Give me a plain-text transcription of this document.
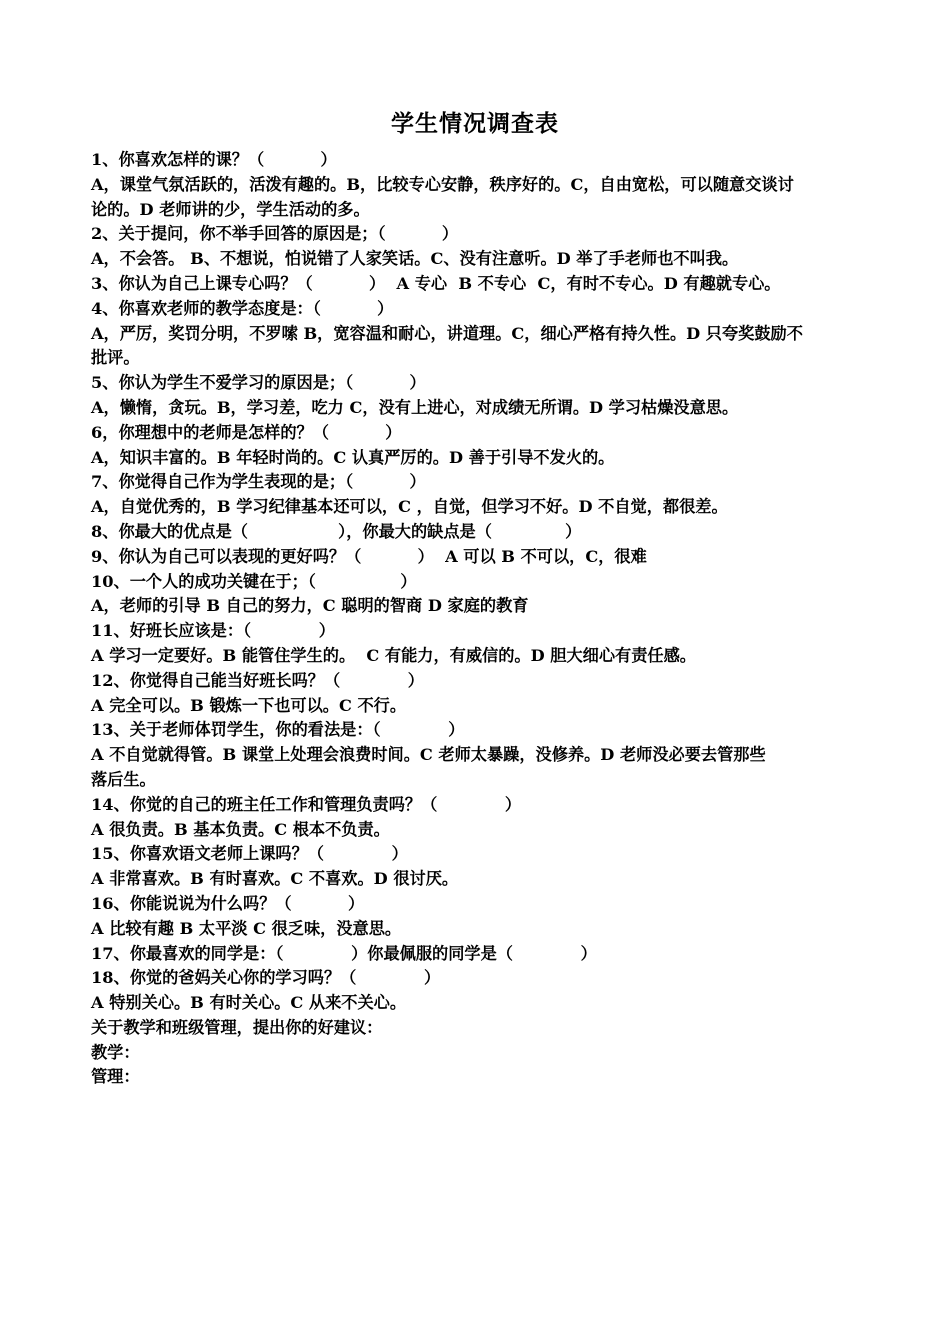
学生情况调查表
1、你喜欢怎样的课？（          ）
A，课堂气氛活跃的，活泼有趣的。B，比较专心安静，秩序好的。C，自由宽松，可以随意交谈讨
论的。D 老师讲的少，学生活动的多。
2、关于提问，你不举手回答的原因是；（          ）
A，不会答。 B、不想说，怕说错了人家笑话。C、没有注意听。D 举了手老师也不叫我。
3、你认为自己上课专心吗？（          ）  A 专心  B 不专心  C，有时不专心。D 有趣就专心。
4、你喜欢老师的教学态度是：（          ）
A，严厉，奖罚分明，不罗嗦 B，宽容温和耐心，讲道理。C，细心严格有持久性。D 只夸奖鼓励不
批评。
5、你认为学生不爱学习的原因是；（          ）
A，懒惰，贪玩。B，学习差，吃力 C，没有上进心，对成绩无所谓。D 学习枯燥没意思。
6，你理想中的老师是怎样的？（          ）
A，知识丰富的。B 年轻时尚的。C 认真严厉的。D 善于引导不发火的。
7、你觉得自己作为学生表现的是；（          ）
A，自觉优秀的，B 学习纪律基本还可以，C ，自觉，但学习不好。D 不自觉，都很差。
8、你最大的优点是（                ），你最大的缺点是（             ）
9、你认为自己可以表现的更好吗？（          ）  A 可以 B 不可以，C，很难
10、一个人的成功关键在于；（               ）
A，老师的引导 B 自己的努力，C 聪明的智商 D 家庭的教育
11、好班长应该是：（            ）
A 学习一定要好。B 能管住学生的。  C 有能力，有威信的。D 胆大细心有责任感。
12、你觉得自己能当好班长吗？（            ）
A 完全可以。B 锻炼一下也可以。C 不行。
13、关于老师体罚学生，你的看法是：（            ）
A 不自觉就得管。B 课堂上处理会浪费时间。C 老师太暴躁，没修养。D 老师没必要去管那些
落后生。
14、你觉的自己的班主任工作和管理负责吗？（            ）
A 很负责。B 基本负责。C 根本不负责。
15、你喜欢语文老师上课吗？（            ）
A 非常喜欢。B 有时喜欢。C 不喜欢。D 很讨厌。
16、你能说说为什么吗？（          ）
A 比较有趣 B 太平淡 C 很乏味，没意思。
17、你最喜欢的同学是：（            ）你最佩服的同学是（            ）
18、你觉的爸妈关心你的学习吗？（            ）
A 特别关心。B 有时关心。C 从来不关心。
关于教学和班级管理，提出你的好建议：
教学：
管理：
